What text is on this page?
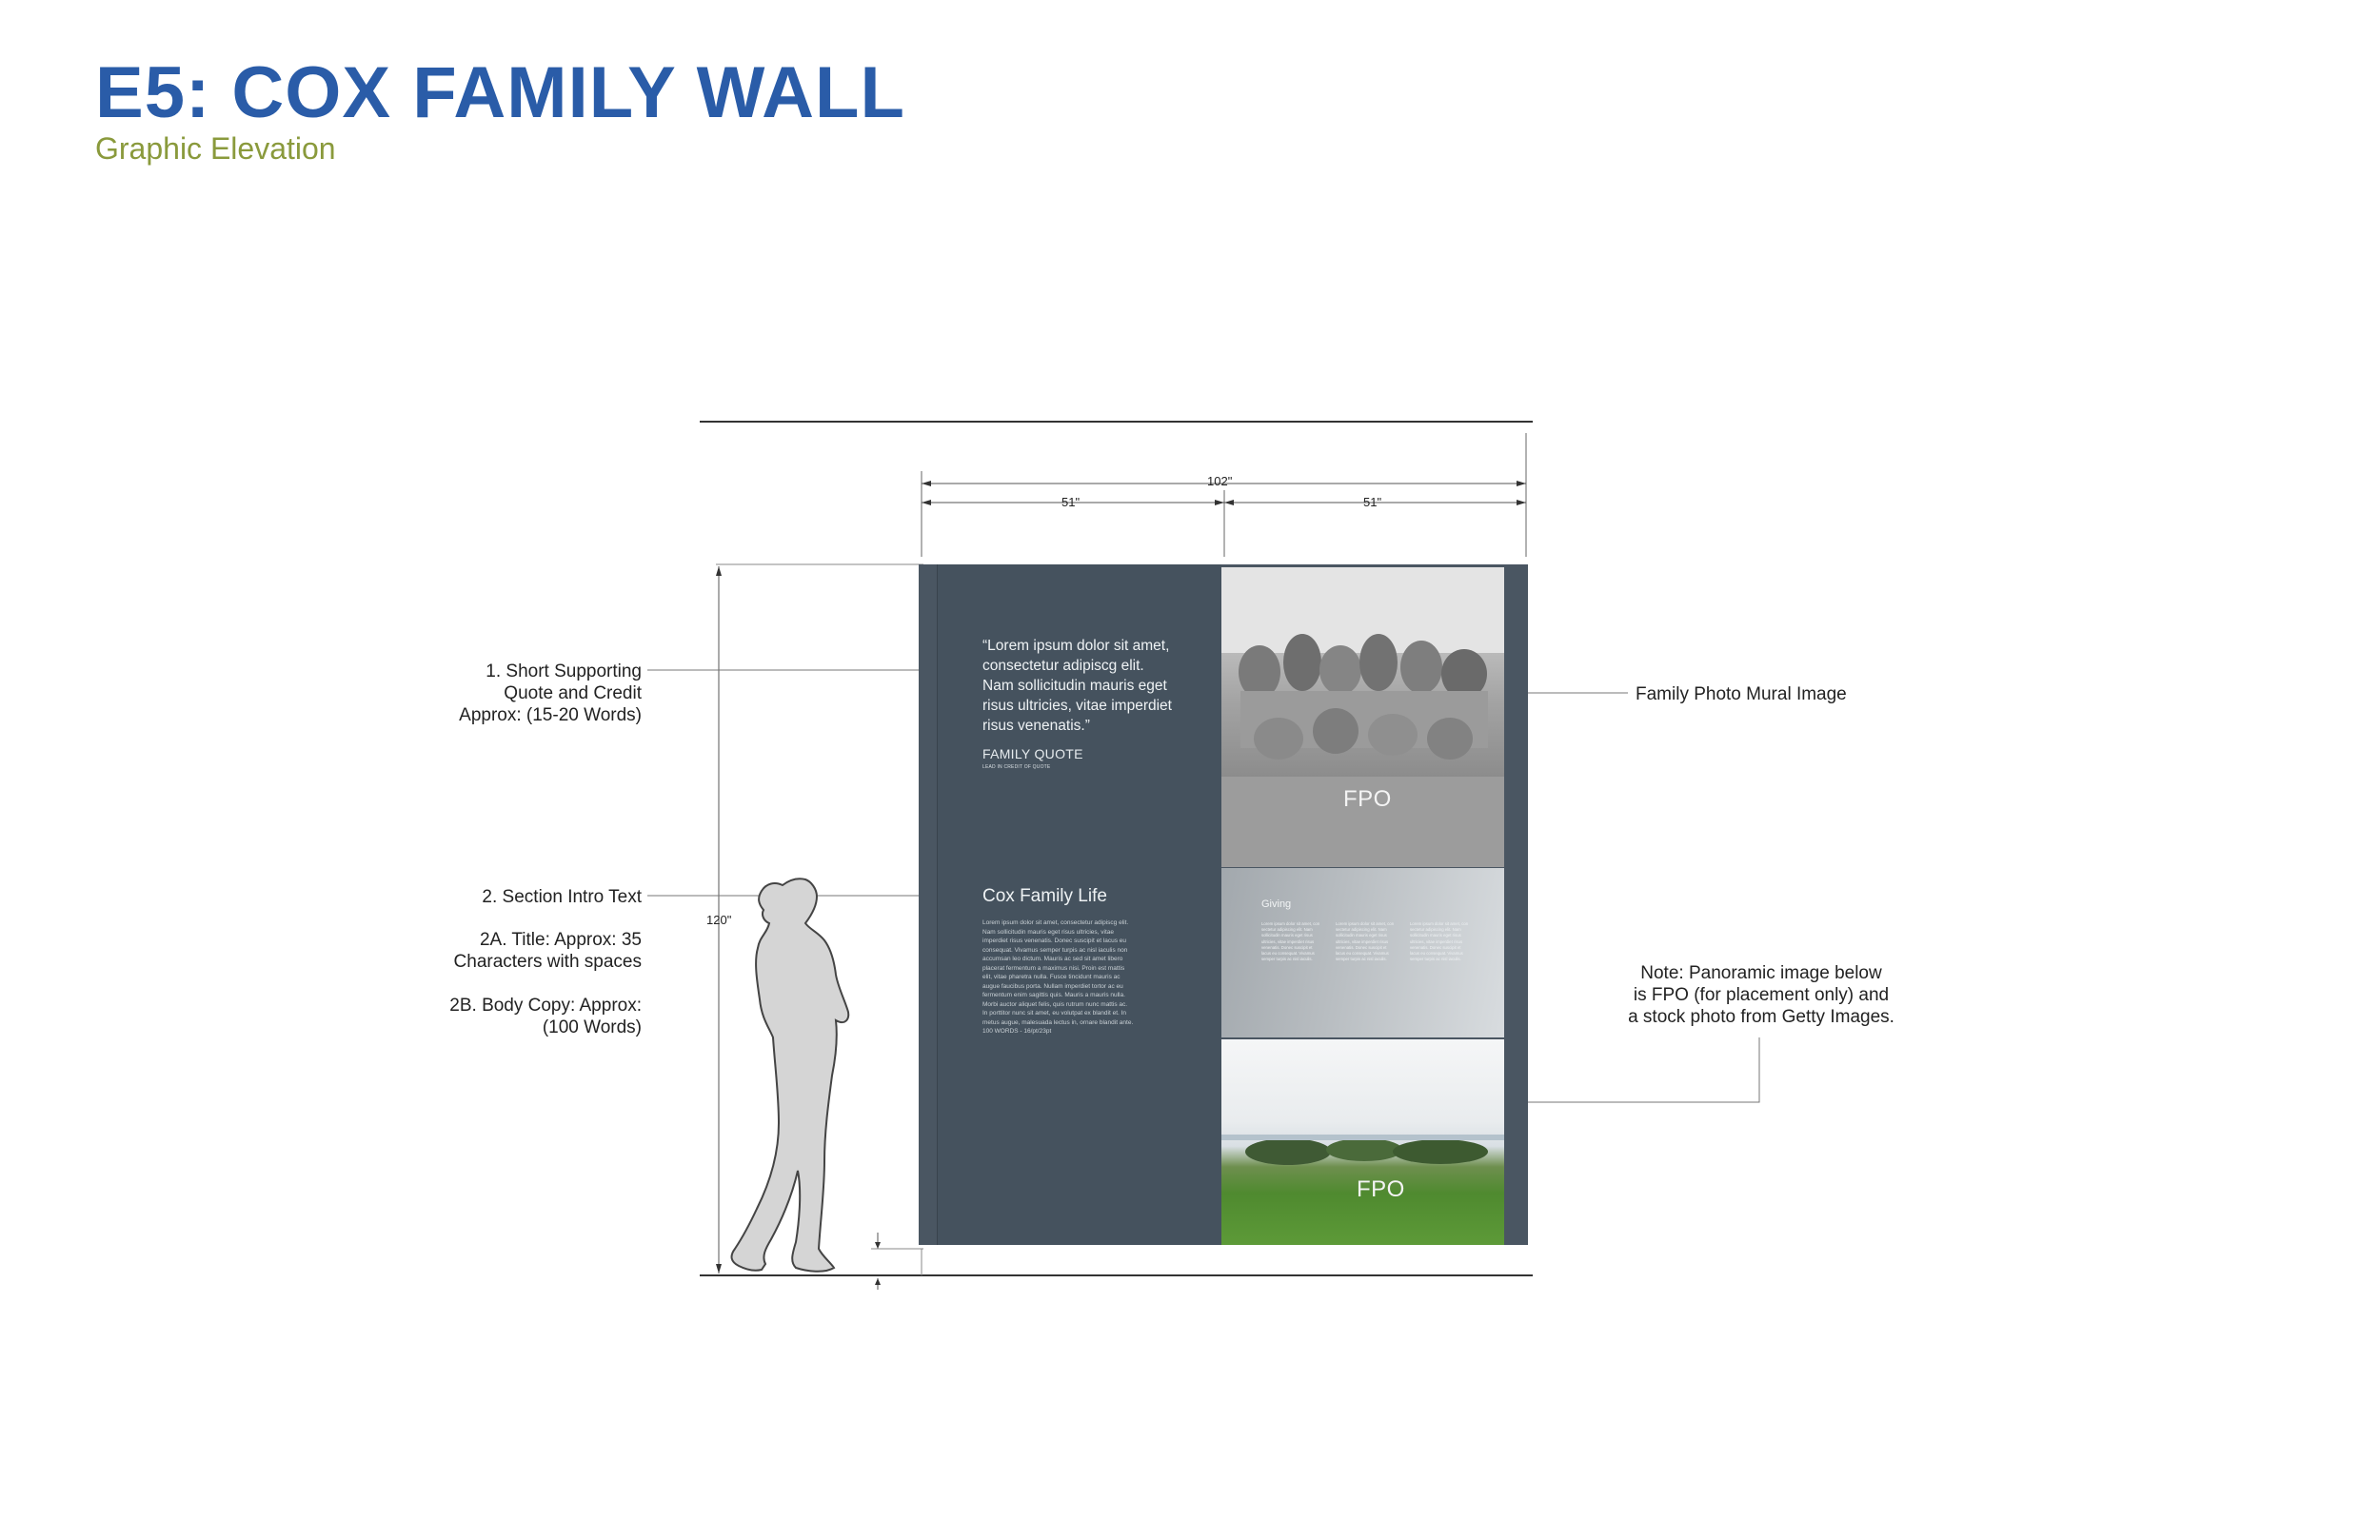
E5: COX FAMILY WALL
Graphic Elevation
102"
51"	51"
120"
1. Short Supporting
Quote and Credit
Approx: (15-20 Words)
2. Section Intro Text
2A. Title: Approx: 35
Characters with spaces
2B. Body Copy: Approx:
(100 Words)
Family Photo Mural Image
Note: Panoramic image below
is FPO (for placement only) and
a stock photo from Getty Images.
“Lorem ipsum dolor sit amet,
consectetur adipiscg elit.
Nam sollicitudin mauris eget
risus ultricies, vitae imperdiet
risus venenatis.”
FAMILY QUOTE
LEAD IN CREDIT OF QUOTE
Cox Family Life
Lorem ipsum dolor sit amet, consectetur adipiscg elit.
Nam sollicitudin mauris eget risus ultricies, vitae
imperdiet risus venenatis. Donec suscipit et lacus eu
consequat. Vivamus semper turpis ac nisl iaculis non
accumsan leo dictum. Mauris ac sed sit amet libero
placerat fermentum a maximus nisi. Proin est mattis
elit, vitae pharetra nulla. Fusce tincidunt mauris ac
augue faucibus porta. Nullam imperdiet tortor ac eu
fermentum enim sagittis quis. Mauris a mauris nulla.
Morbi auctor aliquet felis, quis rutrum nunc mattis ac.
In porttitor nunc sit amet, eu volutpat ex blandit et. In
metus augue, malesuada lectus in, ornare blandit ante.
100 WORDS - 16/pt/23pt
FPO
Giving
Lorem ipsum dolor sit amet, con sectetur adipiscing elit. Nam sollicitudin mauris eget risus ultricies, vitae imperdiet risus venenatis. Donec suscipit et lacus eu consequat. Vivamus semper turpis ac nisl iaculis.
Lorem ipsum dolor sit amet, con sectetur adipiscing elit. Nam sollicitudin mauris eget risus ultricies, vitae imperdiet risus venenatis. Donec suscipit et lacus eu consequat. Vivamus semper turpis ac nisl iaculis.
Lorem ipsum dolor sit amet, con sectetur adipiscing elit. Nam sollicitudin mauris eget risus ultricies, vitae imperdiet risus venenatis. Donec suscipit et lacus eu consequat. Vivamus semper turpis ac nisl iaculis.
FPO
